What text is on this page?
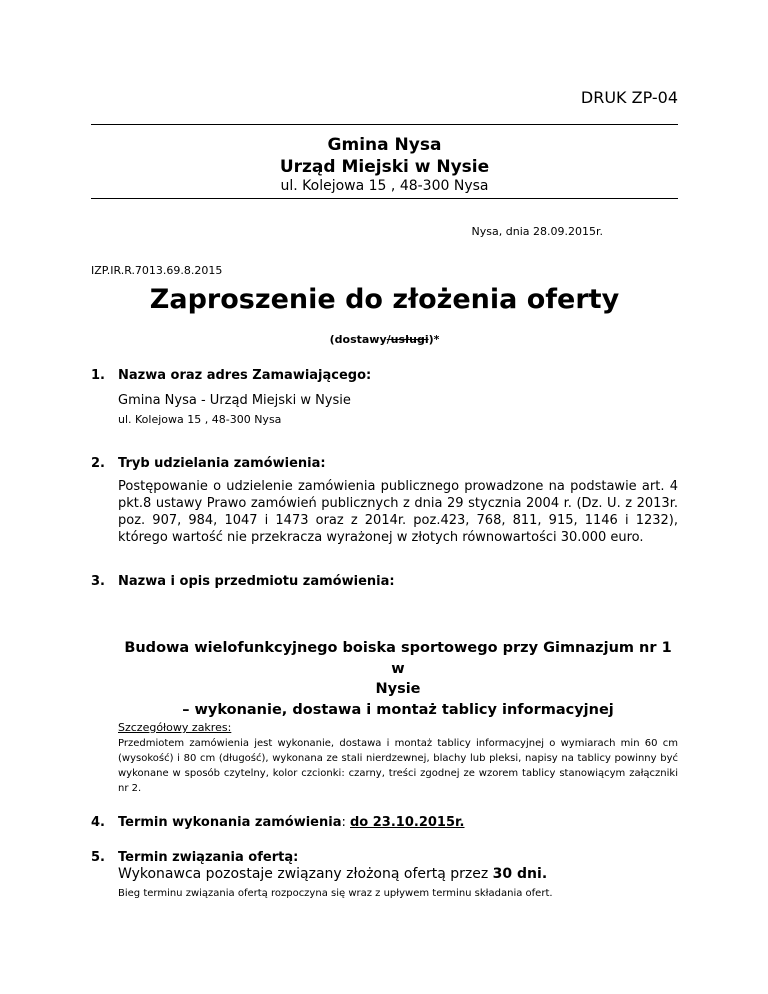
DRUK ZP-04
Gmina Nysa
Urząd Miejski w Nysie
ul. Kolejowa 15 , 48-300 Nysa
Nysa, dnia 28.09.2015r.
IZP.IR.R.7013.69.8.2015
Zaproszenie do złożenia oferty
(dostawy/usługi)*
1. Nazwa oraz adres Zamawiającego:
Gmina Nysa - Urząd Miejski w Nysie
ul. Kolejowa 15 , 48-300 Nysa
2. Tryb udzielania zamówienia:
Postępowanie o udzielenie zamówienia publicznego prowadzone na podstawie art. 4 pkt.8 ustawy Prawo zamówień publicznych z dnia 29 stycznia 2004 r. (Dz. U. z 2013r. poz. 907, 984, 1047 i 1473 oraz z 2014r. poz.423, 768, 811, 915, 1146 i 1232), którego wartość nie przekracza wyrażonej w złotych równowartości 30.000 euro.
3. Nazwa i opis przedmiotu zamówienia:
Budowa wielofunkcyjnego boiska sportowego przy Gimnazjum nr 1 w
Nysie
– wykonanie, dostawa i montaż tablicy informacyjnej
Szczegółowy zakres:
Przedmiotem zamówienia jest wykonanie, dostawa i montaż tablicy informacyjnej o wymiarach min 60 cm (wysokość) i 80 cm (długość), wykonana ze stali nierdzewnej, blachy lub pleksi, napisy na tablicy powinny być wykonane w sposób czytelny, kolor czcionki: czarny, treści zgodnej ze wzorem tablicy stanowiącym załączniki nr 2.
4. Termin wykonania zamówienia: do 23.10.2015r.
5. Termin związania ofertą:
Wykonawca pozostaje związany złożoną ofertą przez 30 dni.
Bieg terminu związania ofertą rozpoczyna się wraz z upływem terminu składania ofert.
